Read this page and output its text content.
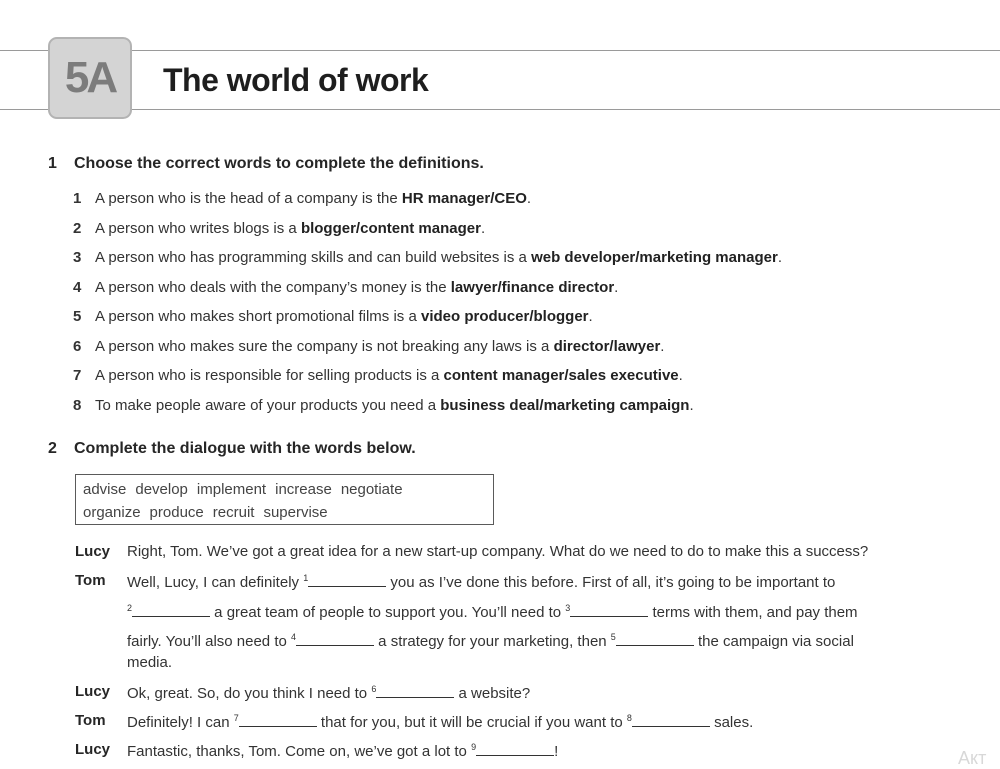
5A	The world of work
1 Choose the correct words to complete the definitions.
1 A person who is the head of a company is the HR manager/CEO.
2 A person who writes blogs is a blogger/content manager.
3 A person who has programming skills and can build websites is a web developer/marketing manager.
4 A person who deals with the company’s money is the lawyer/finance director.
5 A person who makes short promotional films is a video producer/blogger.
6 A person who makes sure the company is not breaking any laws is a director/lawyer.
7 A person who is responsible for selling products is a content manager/sales executive.
8 To make people aware of your products you need a business deal/marketing campaign.
2 Complete the dialogue with the words below.
advise develop implement increase negotiate
organize produce recruit supervise
Lucy Right, Tom. We’ve got a great idea for a new start-up company. What do we need to do to make this a success?
Tom Well, Lucy, I can definitely $^1$	you as I’ve done this before. First of all, it’s going to be important to
$^2$	a great team of people to support you. You’ll need to $^3$	terms with them, and pay them
fairly. You’ll also need to $^4$	a strategy for your marketing, then $^5$	the campaign via social
media.
Lucy Ok, great. So, do you think I need to $^6$	a website?
Tom Definitely! I can $^7$	that for you, but it will be crucial if you want to $^8$	sales.
Lucy Fantastic, thanks, Tom. Come on, we’ve got a lot to $^9$	!	Акт
